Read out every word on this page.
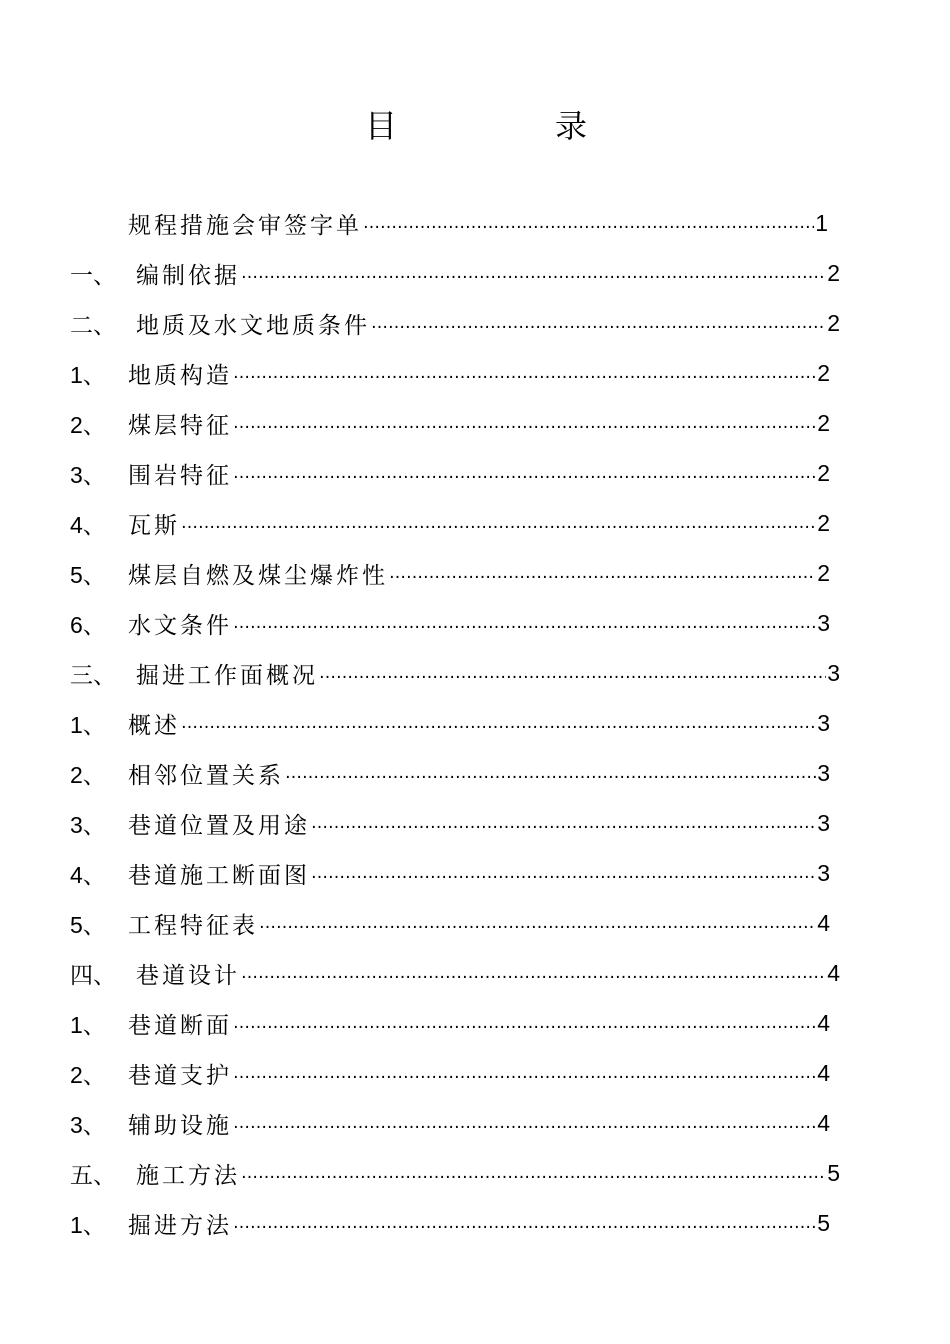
目	录
规程措施会审签字单 ……………………………………………………………………………………………………………………………………………………………………	1
一、 编制依据 ……………………………………………………………………………………………………………………………………………………………………	2
二、 地质及水文地质条件 ……………………………………………………………………………………………………………………………………………………………………	2
1、 地质构造 ……………………………………………………………………………………………………………………………………………………………………	2
2、 煤层特征 ……………………………………………………………………………………………………………………………………………………………………	2
3、 围岩特征 ……………………………………………………………………………………………………………………………………………………………………	2
4、 瓦斯 ……………………………………………………………………………………………………………………………………………………………………	2
5、 煤层自燃及煤尘爆炸性 ……………………………………………………………………………………………………………………………………………………………………	2
6、 水文条件 ……………………………………………………………………………………………………………………………………………………………………	3
三、 掘进工作面概况 ……………………………………………………………………………………………………………………………………………………………………	3
1、 概述 ……………………………………………………………………………………………………………………………………………………………………	3
2、 相邻位置关系 ……………………………………………………………………………………………………………………………………………………………………	3
3、 巷道位置及用途 ……………………………………………………………………………………………………………………………………………………………………	3
4、 巷道施工断面图 ……………………………………………………………………………………………………………………………………………………………………	3
5、 工程特征表 ……………………………………………………………………………………………………………………………………………………………………	4
四、 巷道设计 ……………………………………………………………………………………………………………………………………………………………………	4
1、 巷道断面 ……………………………………………………………………………………………………………………………………………………………………	4
2、 巷道支护 ……………………………………………………………………………………………………………………………………………………………………	4
3、 辅助设施 ……………………………………………………………………………………………………………………………………………………………………	4
五、 施工方法 ……………………………………………………………………………………………………………………………………………………………………	5
1、 掘进方法 ……………………………………………………………………………………………………………………………………………………………………	5
